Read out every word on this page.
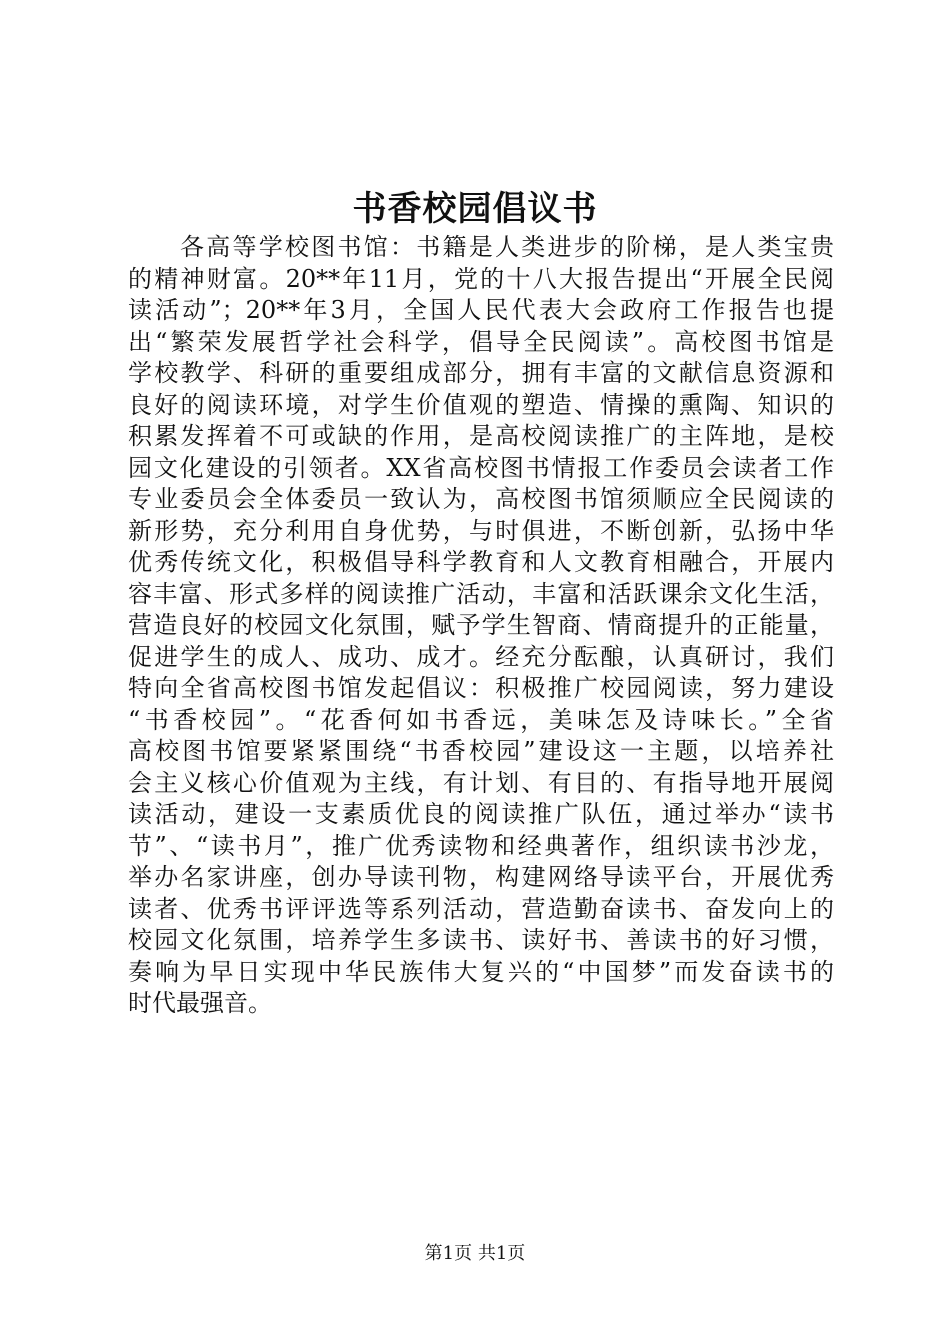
书香校园倡议书
各高等学校图书馆：书籍是人类进步的阶梯，是人类宝贵
的精神财富。20**年11月，党的十八大报告提出“开展全民阅
读活动”；20**年3月，全国人民代表大会政府工作报告也提
出“繁荣发展哲学社会科学，倡导全民阅读”。高校图书馆是
学校教学、科研的重要组成部分，拥有丰富的文献信息资源和
良好的阅读环境，对学生价值观的塑造、情操的熏陶、知识的
积累发挥着不可或缺的作用，是高校阅读推广的主阵地，是校
园文化建设的引领者。XX省高校图书情报工作委员会读者工作
专业委员会全体委员一致认为，高校图书馆须顺应全民阅读的
新形势，充分利用自身优势，与时俱进，不断创新，弘扬中华
优秀传统文化，积极倡导科学教育和人文教育相融合，开展内
容丰富、形式多样的阅读推广活动，丰富和活跃课余文化生活，
营造良好的校园文化氛围，赋予学生智商、情商提升的正能量，
促进学生的成人、成功、成才。经充分酝酿，认真研讨，我们
特向全省高校图书馆发起倡议：积极推广校园阅读，努力建设
“书香校园”。“花香何如书香远，美味怎及诗味长。”全省
高校图书馆要紧紧围绕“书香校园”建设这一主题，以培养社
会主义核心价值观为主线，有计划、有目的、有指导地开展阅
读活动，建设一支素质优良的阅读推广队伍，通过举办“读书
节”、“读书月”，推广优秀读物和经典著作，组织读书沙龙，
举办名家讲座，创办导读刊物，构建网络导读平台，开展优秀
读者、优秀书评评选等系列活动，营造勤奋读书、奋发向上的
校园文化氛围，培养学生多读书、读好书、善读书的好习惯，
奏响为早日实现中华民族伟大复兴的“中国梦”而发奋读书的
时代最强音。
第1页 共1页
